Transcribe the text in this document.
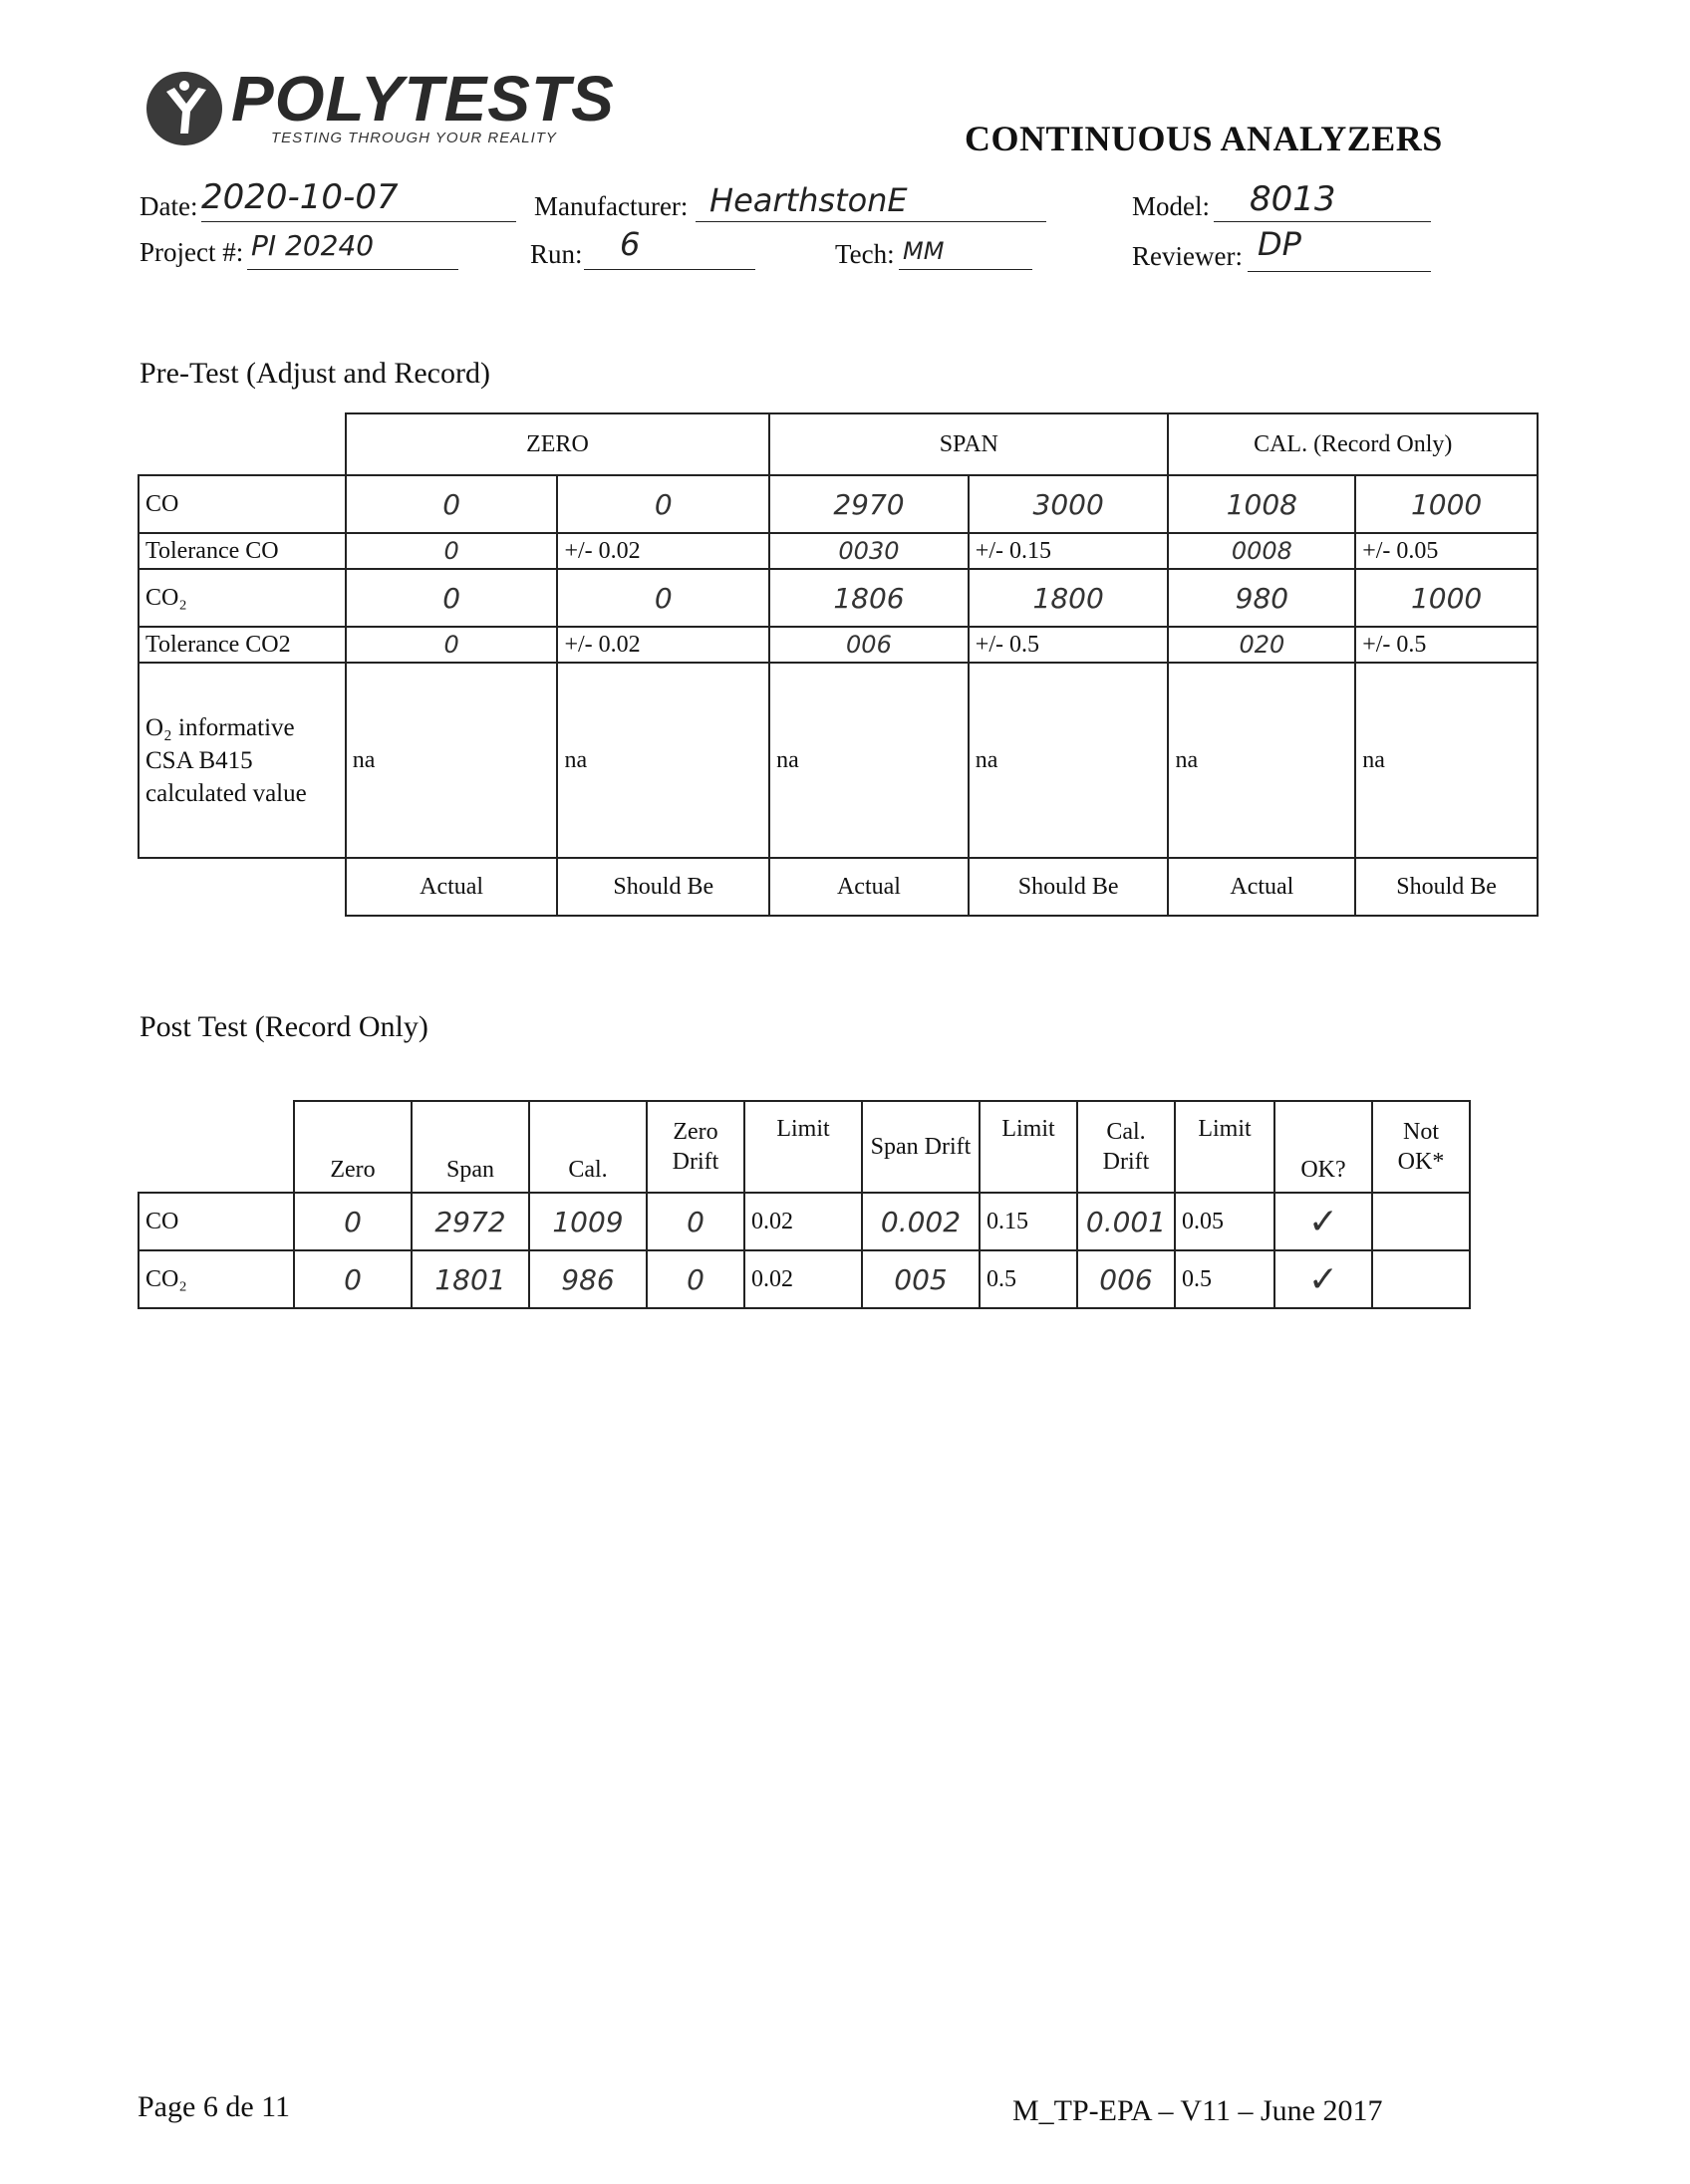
POLYTESTS
TESTING THROUGH YOUR REALITY	CONTINUOUS ANALYZERS
Date: 2020-10-07	Manufacturer: HearthstonE	Model: 8013
Project #: PI 20240	Run: 6	Tech: MM	Reviewer: DP
Pre-Test (Adjust and Record)
	ZERO		SPAN		CAL. (Record Only)	
CO	0	0	2970	3000	1008	1000
Tolerance CO	0	+/- 0.02	0030	+/- 0.15	0008	+/- 0.05
CO₂	0	0	1806	1800	980	1000
Tolerance CO2	0	+/- 0.02	006	+/- 0.5	020	+/- 0.5
O₂ informative CSA B415 calculated value	na	na	na	na	na	na
	Actual	Should Be	Actual	Should Be	Actual	Should Be
Post Test (Record Only)
	Zero	Span	Cal.	Zero Drift	Limit	Span Drift	Limit	Cal. Drift	Limit	OK?	Not OK*
CO	0	2972	1009	0	0.02	0.002	0.15	0.001	0.05	✓	
CO₂	0	1801	986	0	0.02	005	0.5	006	0.5	✓	
Page 6 de 11	M_TP-EPA – V11 – June 2017
